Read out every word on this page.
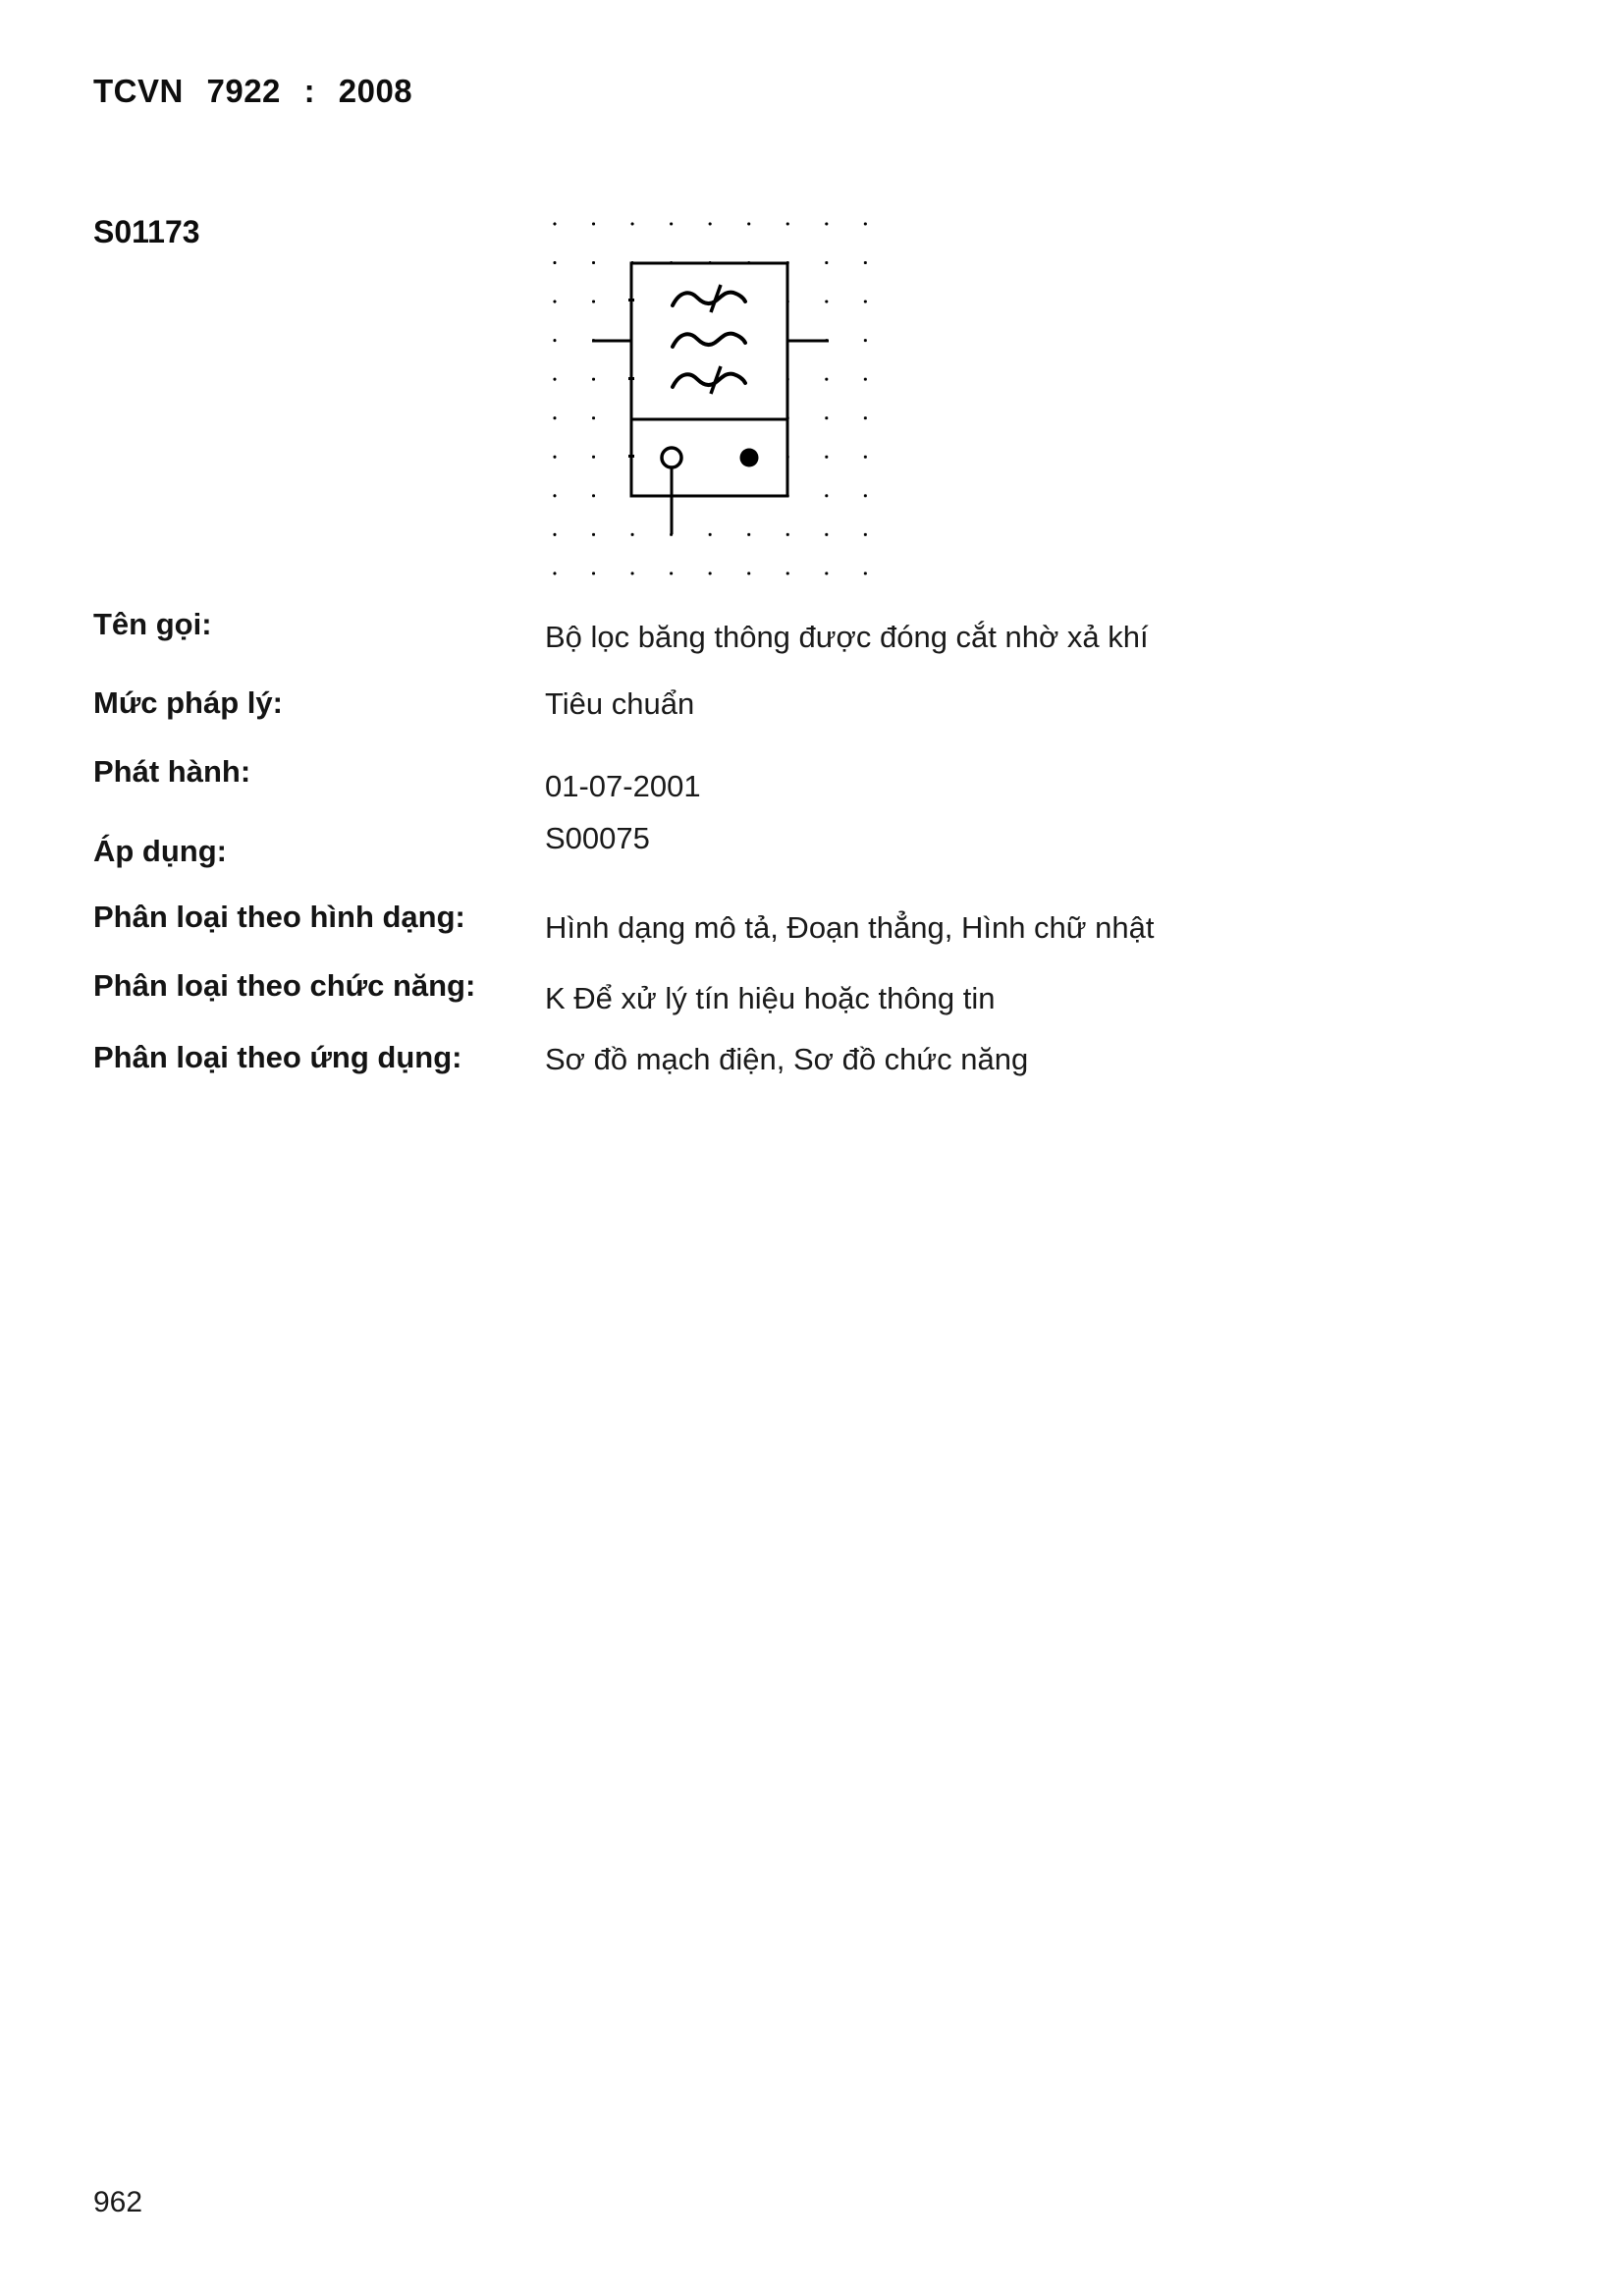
TCVN 7922 : 2008
S01173
Tên gọi:	Bộ lọc băng thông được đóng cắt nhờ xả khí
Mức pháp lý:	Tiêu chuẩn
Phát hành:	01-07-2001
Áp dụng:	S00075
Phân loại theo hình dạng:	Hình dạng mô tả, Đoạn thẳng, Hình chữ nhật
Phân loại theo chức năng: K Để xử lý tín hiệu hoặc thông tin
Phân loại theo ứng dụng:	Sơ đồ mạch điện, Sơ đồ chức năng
962
